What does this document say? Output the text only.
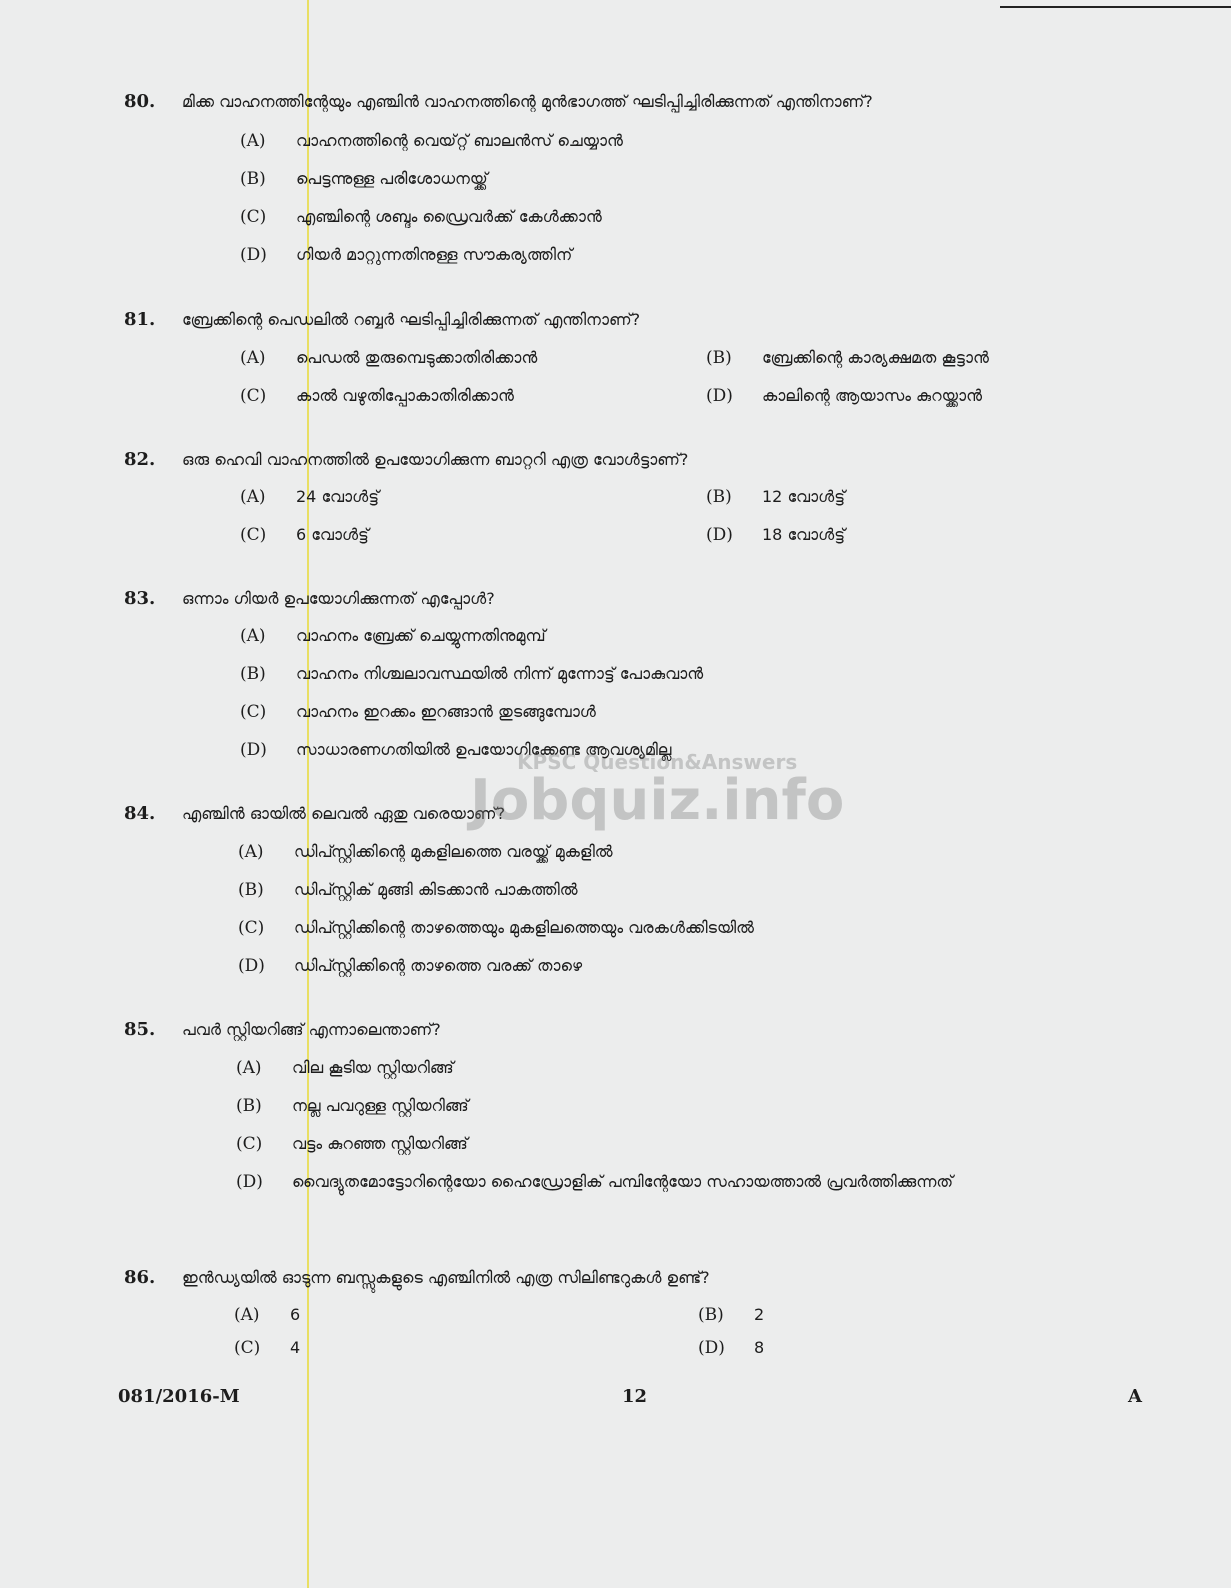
80. മിക്ക വാഹനത്തിന്റേയും എഞ്ചിൻ വാഹനത്തിന്റെ മുൻഭാഗത്ത് ഘടിപ്പിച്ചിരിക്കുന്നത് എന്തിനാണ്?
(A) വാഹനത്തിന്റെ വെയ്റ്റ് ബാലൻസ് ചെയ്യാൻ
(B) പെട്ടന്നുള്ള പരിശോധനയ്ക്ക്
(C) എഞ്ചിന്റെ ശബ്ദം ഡ്രൈവർക്ക് കേൾക്കാൻ
(D) ഗിയർ മാറ്റുന്നതിനുള്ള സൗകര്യത്തിന്
81. ബ്രേക്കിന്റെ പെഡലിൽ റബ്ബർ ഘടിപ്പിച്ചിരിക്കുന്നത് എന്തിനാണ്?
(A) പെഡൽ തുരുമ്പെടുക്കാതിരിക്കാൻ	(B) ബ്രേക്കിന്റെ കാര്യക്ഷമത കൂട്ടാൻ
(C) കാൽ വഴുതിപ്പോകാതിരിക്കാൻ	(D) കാലിന്റെ ആയാസം കുറയ്ക്കാൻ
82. ഒരു ഹെവി വാഹനത്തിൽ ഉപയോഗിക്കുന്ന ബാറ്ററി എത്ര വോൾട്ടാണ്?
(A) 24 വോൾട്ട്	(B) 12 വോൾട്ട്
(C) 6 വോൾട്ട്	(D) 18 വോൾട്ട്
83. ഒന്നാം ഗിയർ ഉപയോഗിക്കുന്നത് എപ്പോൾ?
(A) വാഹനം ബ്രേക്ക് ചെയ്യുന്നതിനുമുമ്പ്
(B) വാഹനം നിശ്ചലാവസ്ഥയിൽ നിന്ന് മുന്നോട്ട് പോകുവാൻ
(C) വാഹനം ഇറക്കം ഇറങ്ങാൻ തുടങ്ങുമ്പോൾ
(D) സാധാരണഗതിയിൽ ഉപയോഗിക്കേണ്ട ആവശ്യമില്ല
84. എഞ്ചിൻ ഓയിൽ ലെവൽ ഏതു വരെയാണ്?
(A) ഡിപ്സ്റ്റിക്കിന്റെ മുകളിലത്തെ വരയ്ക്ക് മുകളിൽ
(B) ഡിപ്സ്റ്റിക് മുങ്ങി കിടക്കാൻ പാകത്തിൽ
(C) ഡിപ്സ്റ്റിക്കിന്റെ താഴത്തെയും മുകളിലത്തെയും വരകൾക്കിടയിൽ
(D) ഡിപ്സ്റ്റിക്കിന്റെ താഴത്തെ വരക്ക് താഴെ
85. പവർ സ്റ്റിയറിങ്ങ് എന്നാലെന്താണ്?
(A) വില കൂടിയ സ്റ്റിയറിങ്ങ്
(B) നല്ല പവറുള്ള സ്റ്റിയറിങ്ങ്
(C) വട്ടം കുറഞ്ഞ സ്റ്റിയറിങ്ങ്
(D) വൈദ്യുതമോട്ടോറിന്റെയോ ഹൈഡ്രോളിക് പമ്പിന്റേയോ സഹായത്താൽ പ്രവർത്തിക്കുന്നത്
86. ഇൻഡ്യയിൽ ഓടുന്ന ബസ്സുകളുടെ എഞ്ചിനിൽ എത്ര സിലിണ്ടറുകൾ ഉണ്ട്?
(A) 6	(B) 2
(C) 4	(D) 8
KPSC Question&Answers
Jobquiz.info
081/2016-M	12	A
